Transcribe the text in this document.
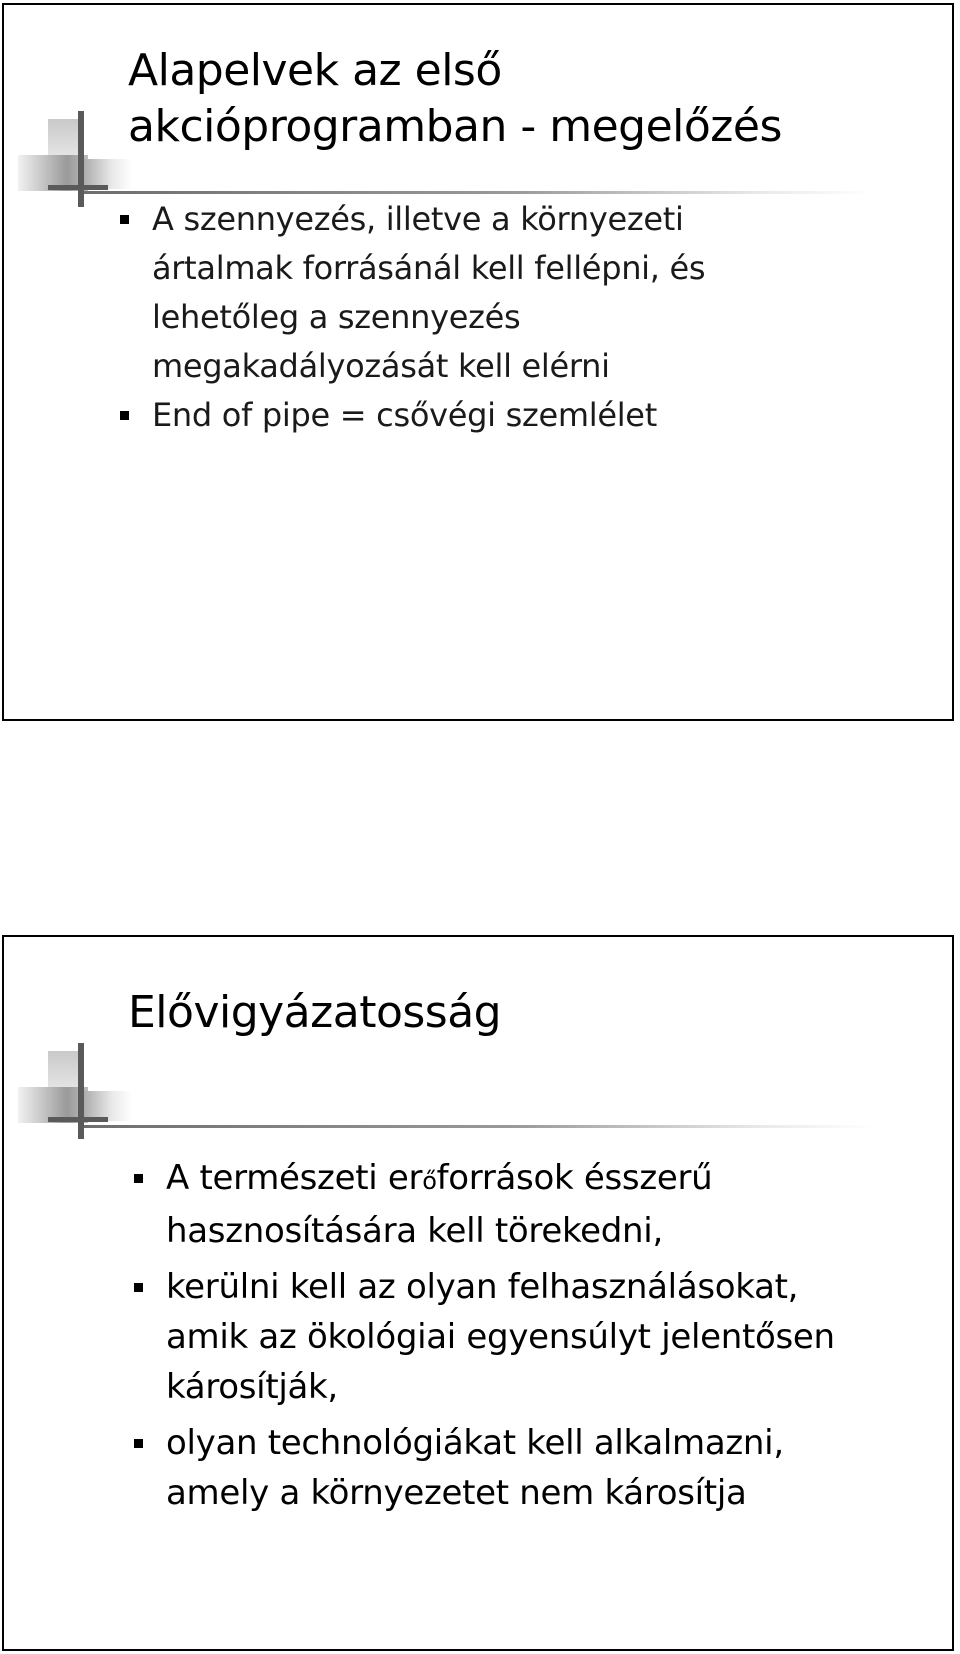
Alapelvek az első
akcióprogramban - megelőzés
A szennyezés, illetve a környezeti
ártalmak forrásánál kell fellépni, és
lehetőleg a szennyezés
megakadályozását kell elérni
End of pipe = csővégi szemlélet
Elővigyázatosság
A természeti erőforrások ésszerű
hasznosítására kell törekedni,
kerülni kell az olyan felhasználásokat,
amik az ökológiai egyensúlyt jelentősen
károsítják,
olyan technológiákat kell alkalmazni,
amely a környezetet nem károsítja
